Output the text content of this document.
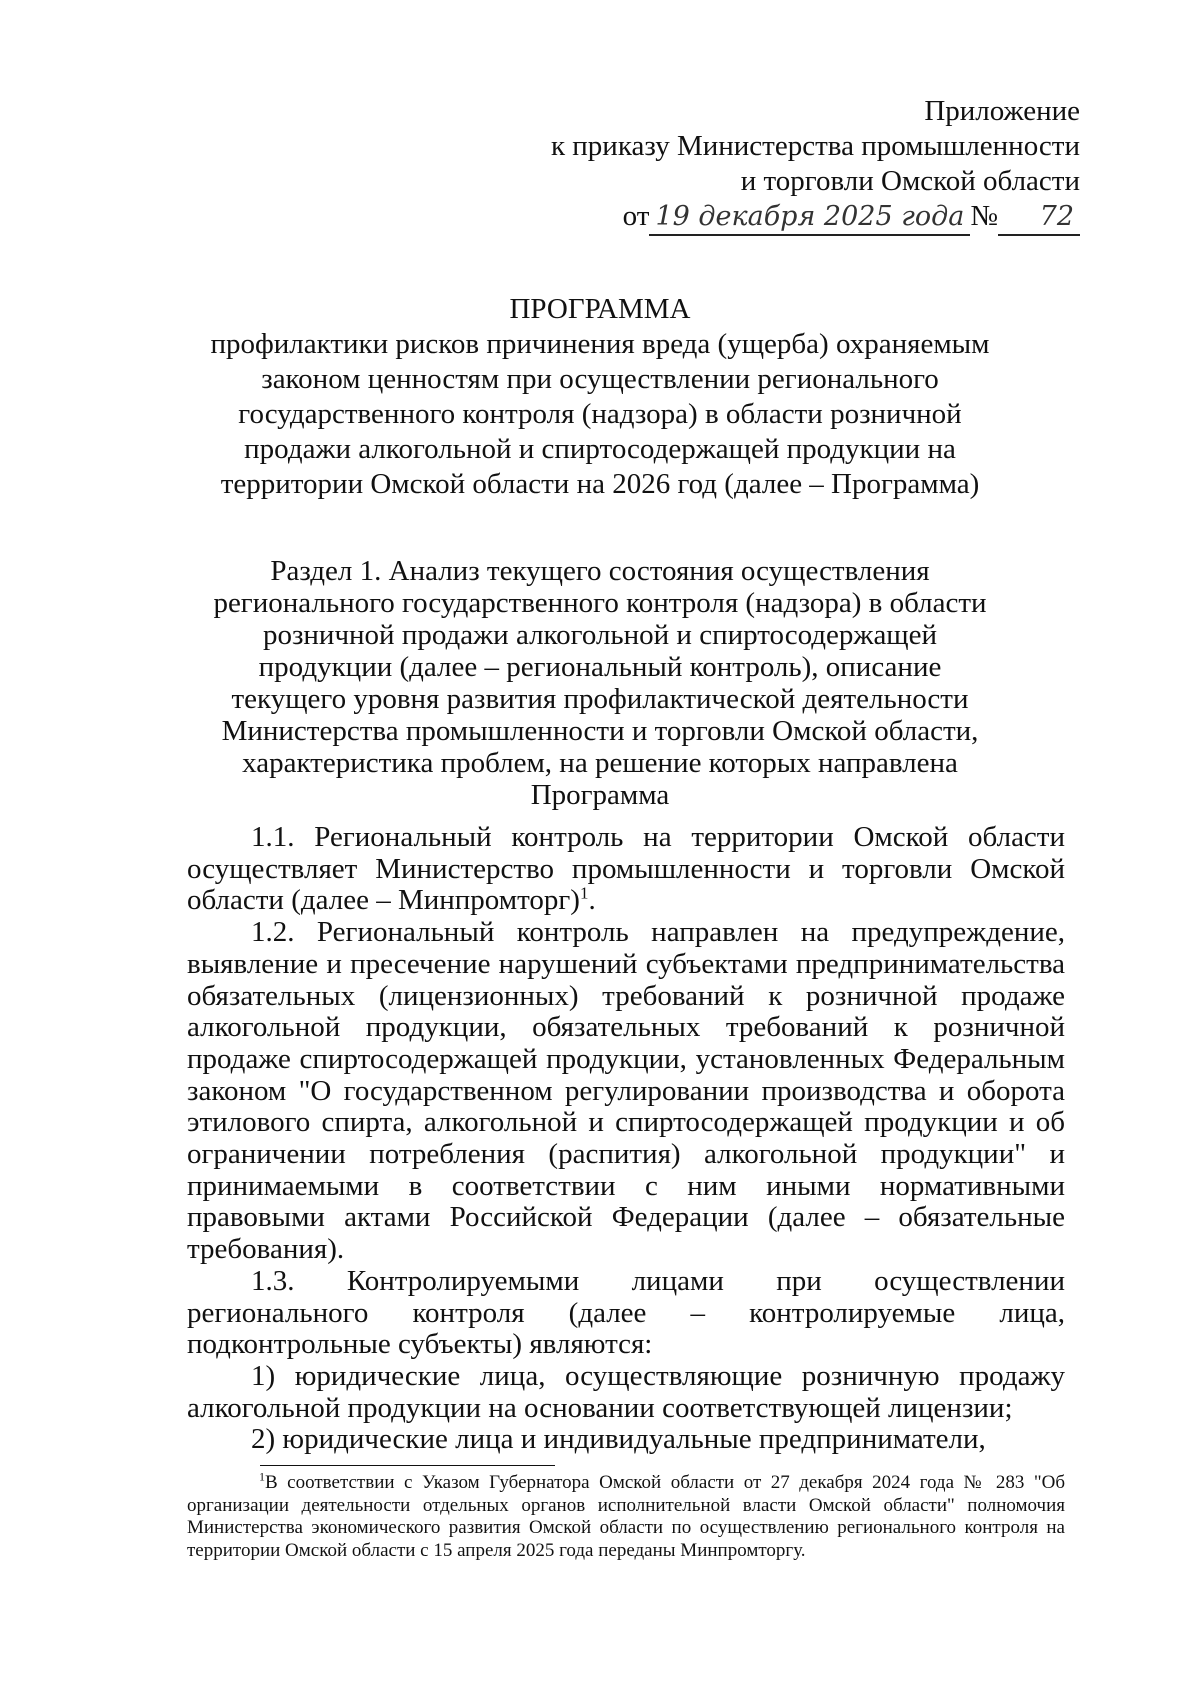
Приложение
к приказу Министерства промышленности
и торговли Омской области
от 19 декабря 2025 года №	72
ПРОГРАММА
профилактики рисков причинения вреда (ущерба) охраняемым законом ценностям при осуществлении регионального государственного контроля (надзора) в области розничной продажи алкогольной и спиртосодержащей продукции на территории Омской области на 2026 год (далее – Программа)
Раздел 1. Анализ текущего состояния осуществления регионального государственного контроля (надзора) в области розничной продажи алкогольной и спиртосодержащей продукции (далее – региональный контроль), описание текущего уровня развития профилактической деятельности Министерства промышленности и торговли Омской области, характеристика проблем, на решение которых направлена Программа

1.1. Региональный контроль на территории Омской области осуществляет Министерство промышленности и торговли Омской области (далее – Минпромторг)$^1$.

1.2. Региональный контроль направлен на предупреждение, выявление и пресечение нарушений субъектами предпринимательства обязательных (лицензионных) требований к розничной продаже алкогольной продукции, обязательных требований к розничной продаже спиртосодержащей продукции, установленных Федеральным законом "О государственном регулировании производства и оборота этилового спирта, алкогольной и спиртосодержащей продукции и об ограничении потребления (распития) алкогольной продукции" и принимаемыми в соответствии с ним иными нормативными правовыми актами Российской Федерации (далее – обязательные требования).

1.3. Контролируемыми лицами при осуществлении регионального контроля (далее – контролируемые лица, подконтрольные субъекты) являются:

1) юридические лица, осуществляющие розничную продажу алкогольной продукции на основании соответствующей лицензии;

2) юридические лица и индивидуальные предприниматели,

$^1$В соответствии с Указом Губернатора Омской области от 27 декабря 2024 года № 283 "Об организации деятельности отдельных органов исполнительной власти Омской области" полномочия Министерства экономического развития Омской области по осуществлению регионального контроля на территории Омской области с 15 апреля 2025 года переданы Минпромторгу.
